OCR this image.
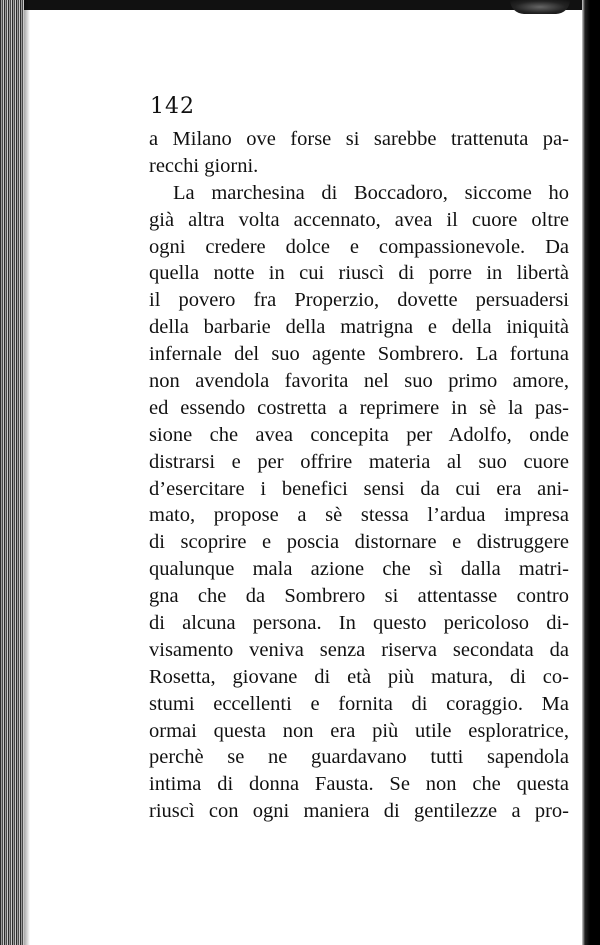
142
a Milano ove forse si sarebbe trattenuta pa-
recchi giorni.
La marchesina di Boccadoro, siccome ho
già altra volta accennato, avea il cuore oltre
ogni credere dolce e compassionevole. Da
quella notte in cui riuscì di porre in libertà
il povero fra Properzio, dovette persuadersi
della barbarie della matrigna e della iniquità
infernale del suo agente Sombrero. La fortuna
non avendola favorita nel suo primo amore,
ed essendo costretta a reprimere in sè la pas-
sione che avea concepita per Adolfo, onde
distrarsi e per offrire materia al suo cuore
d’esercitare i benefici sensi da cui era ani-
mato, propose a sè stessa l’ardua impresa
di scoprire e poscia distornare e distruggere
qualunque mala azione che sì dalla matri-
gna che da Sombrero si attentasse contro
di alcuna persona. In questo pericoloso di-
visamento veniva senza riserva secondata da
Rosetta, giovane di età più matura, di co-
stumi eccellenti e fornita di coraggio. Ma
ormai questa non era più utile esploratrice,
perchè se ne guardavano tutti sapendola
intima di donna Fausta. Se non che questa
riuscì con ogni maniera di gentilezze a pro-
